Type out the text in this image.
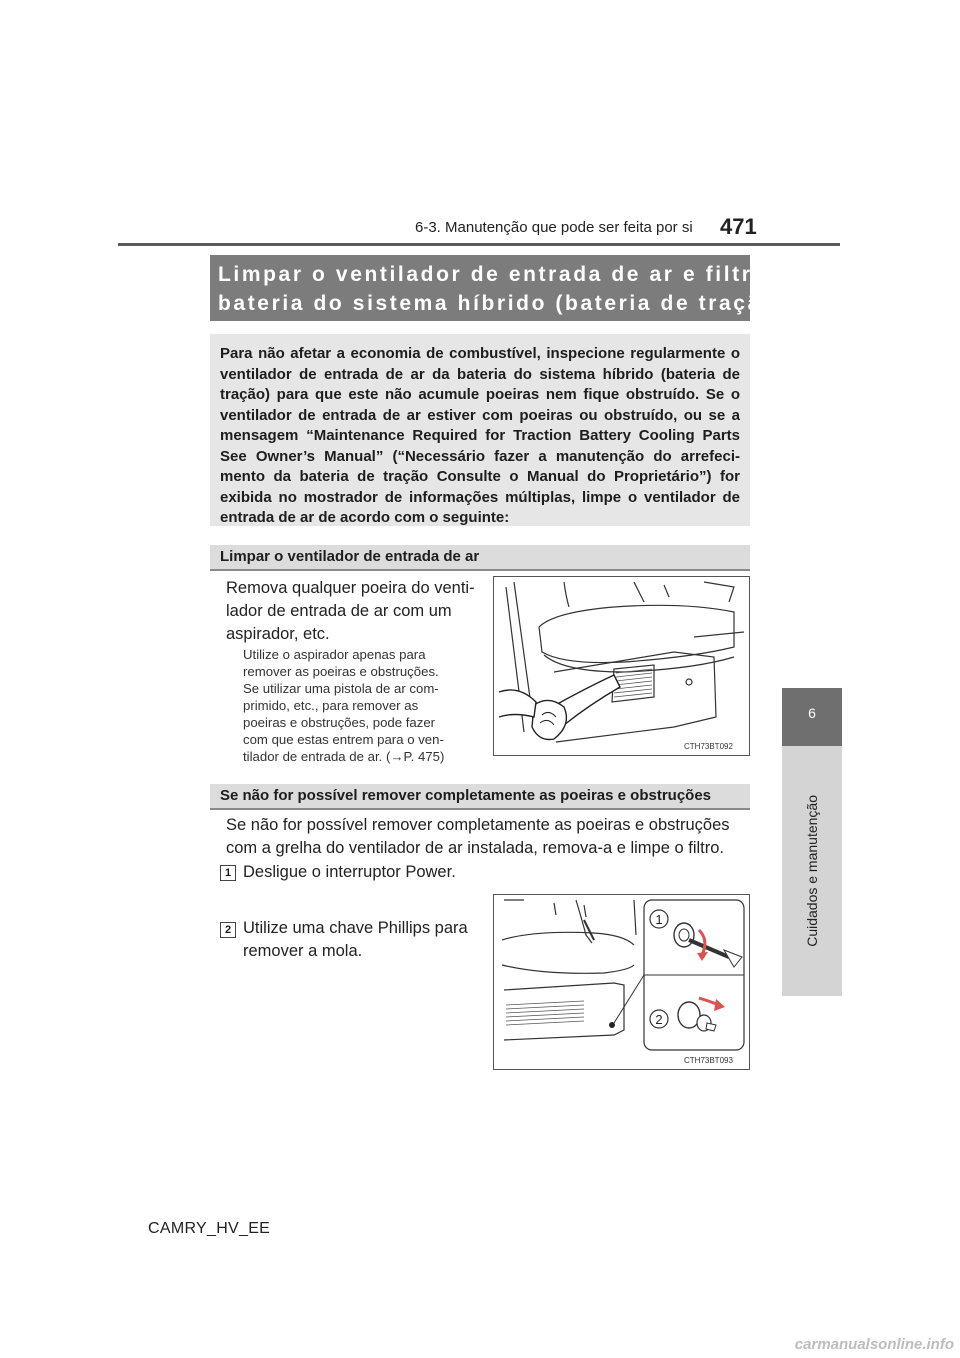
6-3. Manutenção que pode ser feita por si 471
6
Cuidados e manutenção
Limpar o ventilador de entrada de ar e filtro da
bateria do sistema híbrido (bateria de tração)

Para não afetar a economia de combustível, inspecione regularmente o ventilador de entrada de ar da bateria do sistema híbrido (bateria de tração) para que este não acumule poeiras nem fique obstruído. Se o ventilador de entrada de ar estiver com poeiras ou obstruído, ou se a mensagem “Maintenance Required for Traction Battery Cooling Parts See Owner’s Manual” (“Necessário fazer a manutenção do arrefeci-mento da bateria de tração Consulte o Manual do Proprietário”) for exibida no mostrador de informações múltiplas, limpe o ventilador de entrada de ar de acordo com o seguinte:

Limpar o ventilador de entrada de ar
Remova qualquer poeira do venti-
lador de entrada de ar com um
aspirador, etc.
Utilize o aspirador apenas para
remover as poeiras e obstruções.
Se utilizar uma pistola de ar com-
primido, etc., para remover as
poeiras e obstruções, pode fazer
com que estas entrem para o ven-
tilador de entrada de ar. (→P. 475)
CTH73BT092
Se não for possível remover completamente as poeiras e obstruções
Se não for possível remover completamente as poeiras e obstruções
com a grelha do ventilador de ar instalada, remova-a e limpe o filtro.
1 Desligue o interruptor Power.
2 Utilize uma chave Phillips para
remover a mola.
1
2
CTH73BT093
CAMRY_HV_EE
carmanualsonline.info
